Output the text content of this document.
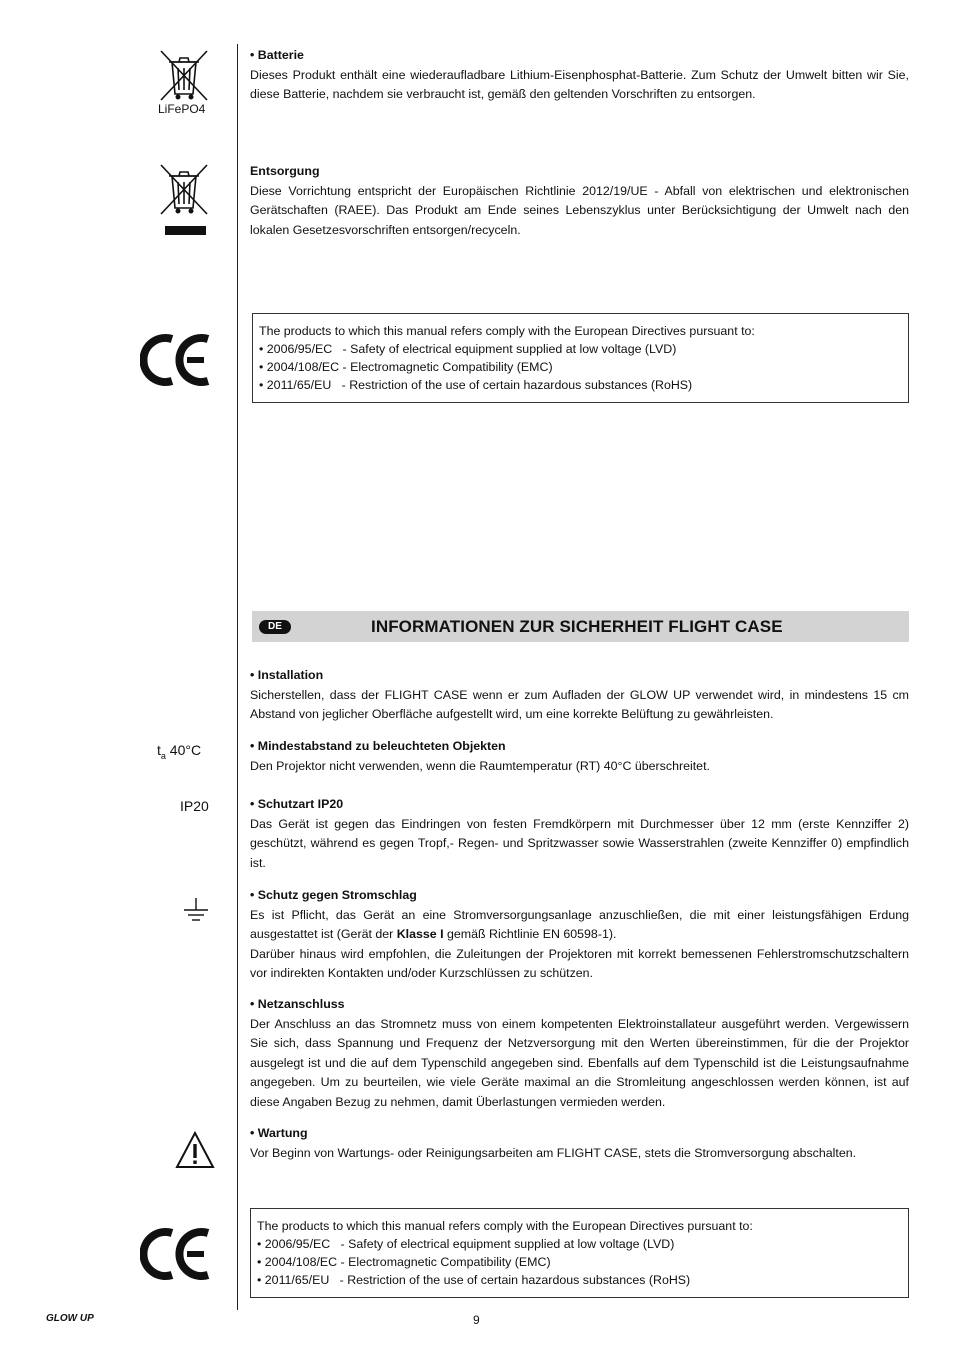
LiFePO4
• Batterie
Dieses Produkt enthält eine wiederaufladbare Lithium-Eisenphosphat-Batterie. Zum Schutz der Umwelt bitten wir Sie, diese Batterie, nachdem sie verbraucht ist, gemäß den geltenden Vorschriften zu entsorgen.
Entsorgung
Diese Vorrichtung entspricht der Europäischen Richtlinie 2012/19/UE - Abfall von elektrischen und elektronischen Gerätschaften (RAEE). Das Produkt am Ende seines Lebenszyklus unter Berücksichtigung der Umwelt nach den lokalen Gesetzesvorschriften entsorgen/recyceln.
The products to which this manual refers comply with the European Directives pursuant to:
• 2006/95/EC   - Safety of electrical equipment supplied at low voltage (LVD)
• 2004/108/EC - Electromagnetic Compatibility (EMC)
• 2011/65/EU   - Restriction of the use of certain hazardous substances (RoHS)
DE	INFORMATIONEN ZUR SICHERHEIT FLIGHT CASE
• Installation
Sicherstellen, dass der FLIGHT CASE wenn er zum Aufladen der GLOW UP verwendet wird, in mindestens 15 cm Abstand von jeglicher Oberfläche aufgestellt wird, um eine korrekte Belüftung zu gewährleisten.
$t_a$ 40°C	• Mindestabstand zu beleuchteten Objekten
Den Projektor nicht verwenden, wenn die Raumtemperatur (RT) 40°C überschreitet.
IP20	• Schutzart IP20
Das Gerät ist gegen das Eindringen von festen Fremdkörpern mit Durchmesser über 12 mm (erste Kennziffer 2) geschützt, während es gegen Tropf,- Regen- und Spritzwasser sowie Wasserstrahlen (zweite Kennziffer 0) empfindlich ist.
• Schutz gegen Stromschlag
Es ist Pflicht, das Gerät an eine Stromversorgungsanlage anzuschließen, die mit einer leistungsfähigen Erdung ausgestattet ist (Gerät der Klasse I gemäß Richtlinie EN 60598-1).
Darüber hinaus wird empfohlen, die Zuleitungen der Projektoren mit korrekt bemessenen Fehlerstromschutzschaltern vor indirekten Kontakten und/oder Kurzschlüssen zu schützen.
• Netzanschluss
Der Anschluss an das Stromnetz muss von einem kompetenten Elektroinstallateur ausgeführt werden. Vergewissern Sie sich, dass Spannung und Frequenz der Netzversorgung mit den Werten übereinstimmen, für die der Projektor ausgelegt ist und die auf dem Typenschild angegeben sind. Ebenfalls auf dem Typenschild ist die Leistungsaufnahme angegeben. Um zu beurteilen, wie viele Geräte maximal an die Stromleitung angeschlossen werden können, ist auf diese Angaben Bezug zu nehmen, damit Überlastungen vermieden werden.
• Wartung
Vor Beginn von Wartungs- oder Reinigungsarbeiten am FLIGHT CASE, stets die Stromversorgung abschalten.
The products to which this manual refers comply with the European Directives pursuant to:
• 2006/95/EC   - Safety of electrical equipment supplied at low voltage (LVD)
• 2004/108/EC - Electromagnetic Compatibility (EMC)
• 2011/65/EU   - Restriction of the use of certain hazardous substances (RoHS)
GLOW UP	9
